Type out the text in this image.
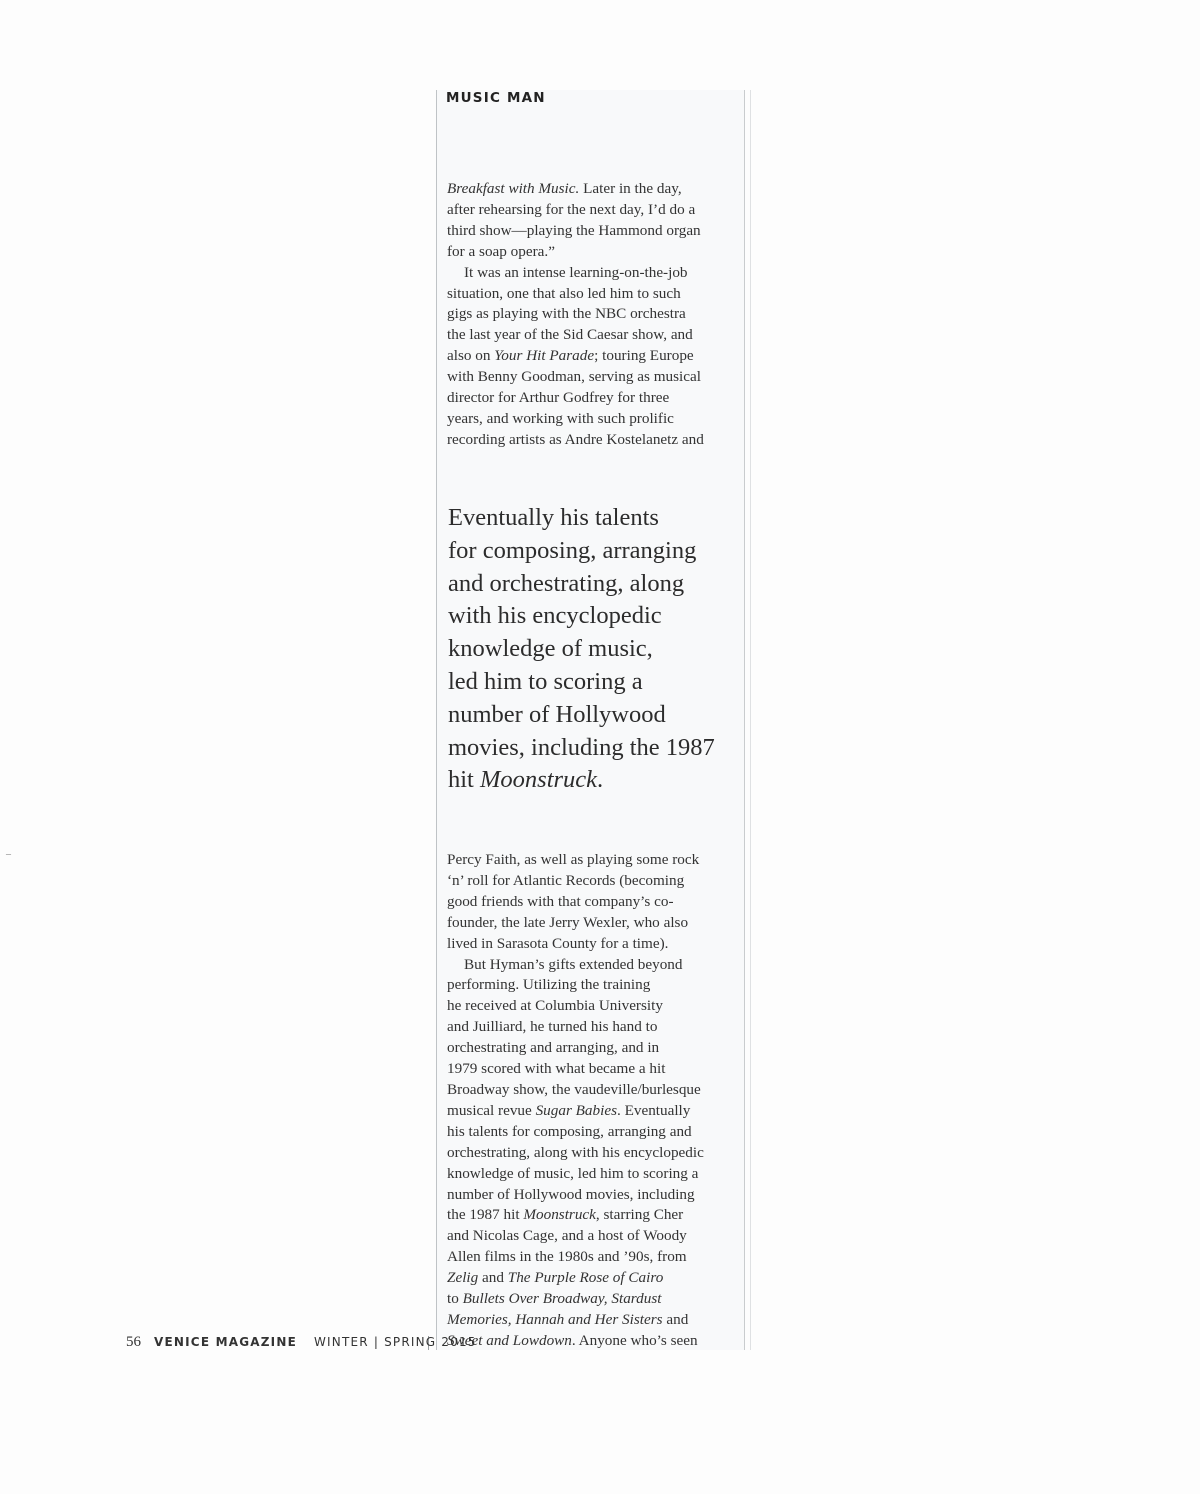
MUSIC MAN
Breakfast with Music. Later in the day,
after rehearsing for the next day, I’d do a
third show—playing the Hammond organ
for a soap opera.”
It was an intense learning-on-the-job
situation, one that also led him to such
gigs as playing with the NBC orchestra
the last year of the Sid Caesar show, and
also on Your Hit Parade; touring Europe
with Benny Goodman, serving as musical
director for Arthur Godfrey for three
years, and working with such prolific
recording artists as Andre Kostelanetz and
Eventually his talents
for composing, arranging
and orchestrating, along
with his encyclopedic
knowledge of music,
led him to scoring a
number of Hollywood
movies, including the 1987
hit Moonstruck.
Percy Faith, as well as playing some rock
‘n’ roll for Atlantic Records (becoming
good friends with that company’s co-
founder, the late Jerry Wexler, who also
lived in Sarasota County for a time).
But Hyman’s gifts extended beyond
performing. Utilizing the training
he received at Columbia University
and Juilliard, he turned his hand to
orchestrating and arranging, and in
1979 scored with what became a hit
Broadway show, the vaudeville/burlesque
musical revue Sugar Babies. Eventually
his talents for composing, arranging and
orchestrating, along with his encyclopedic
knowledge of music, led him to scoring a
number of Hollywood movies, including
the 1987 hit Moonstruck, starring Cher
and Nicolas Cage, and a host of Woody
Allen films in the 1980s and ’90s, from
Zelig and The Purple Rose of Cairo
to Bullets Over Broadway, Stardust
Memories, Hannah and Her Sisters and
Sweet and Lowdown. Anyone who’s seen
56 VENICE MAGAZINE WINTER | SPRING 2015
‒
